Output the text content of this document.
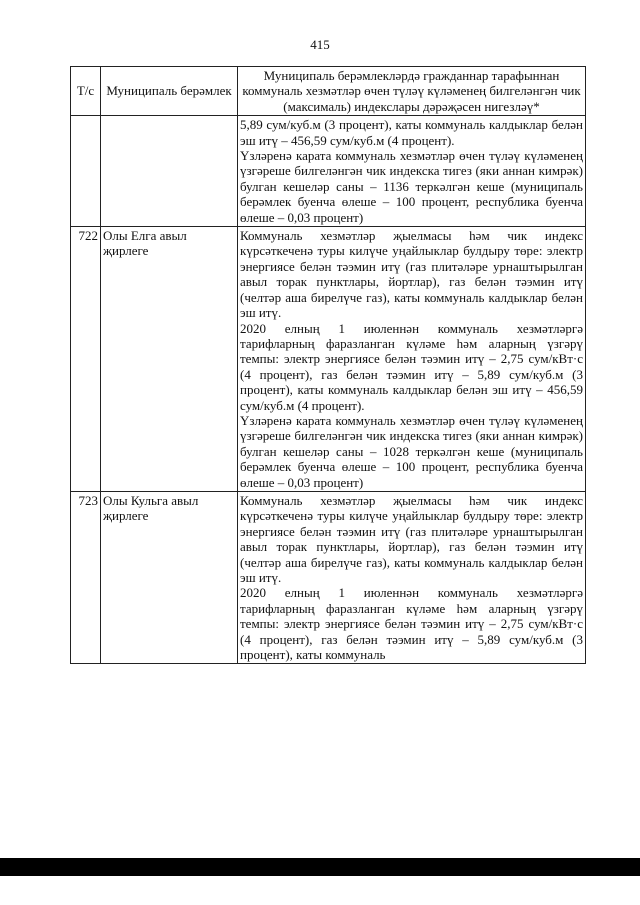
415
Т/с	Муниципаль берәмлек	Муниципаль берәмлекләрдә гражданнар тарафыннан коммуналь хезмәтләр өчен түләү күләменең билгеләнгән чик (максималь) индекслары дәрәҗәсен нигезләү*

		5,89 сум/куб.м (3 процент), каты коммуналь калдыклар белән эш итү – 456,59 сум/куб.м (4 процент).

Үзләренә карата коммуналь хезмәтләр өчен түләү күләменең үзгәреше билгеләнгән чик индекска тигез (яки аннан кимрәк) булган кешеләр саны – 1136 теркәлгән кеше (муниципаль берәмлек буенча өлеше – 100 процент, республика буенча өлеше – 0,03 процент)

722	Олы Елга авыл җирлеге	Коммуналь хезмәтләр җыелмасы һәм чик индекс күрсәткеченә туры килүче уңайлыклар булдыру төре: электр энергиясе белән тәэмин итү (газ плитәләре урнаштырылган авыл торак пунктлары, йортлар), газ белән тәэмин итү (челтәр аша бирелүче газ), каты коммуналь калдыклар белән эш итү.

2020 елның 1 июленнән коммуналь хезмәтләргә тарифларның фаразланган күләме һәм аларның үзгәрү темпы: электр энергиясе белән тәэмин итү – 2,75 сум/кВт·с (4 процент), газ белән тәэмин итү – 5,89 сум/куб.м (3 процент), каты коммуналь калдыклар белән эш итү – 456,59 сум/куб.м (4 процент).

Үзләренә карата коммуналь хезмәтләр өчен түләү күләменең үзгәреше билгеләнгән чик индекска тигез (яки аннан кимрәк) булган кешеләр саны – 1028 теркәлгән кеше (муниципаль берәмлек буенча өлеше – 100 процент, республика буенча өлеше – 0,03 процент)

723	Олы Кульга авыл җирлеге	Коммуналь хезмәтләр җыелмасы һәм чик индекс күрсәткеченә туры килүче уңайлыклар булдыру төре: электр энергиясе белән тәэмин итү (газ плитәләре урнаштырылган авыл торак пунктлары, йортлар), газ белән тәэмин итү (челтәр аша бирелүче газ), каты коммуналь калдыклар белән эш итү.

2020 елның 1 июленнән коммуналь хезмәтләргә тарифларның фаразланган күләме һәм аларның үзгәрү темпы: электр энергиясе белән тәэмин итү – 2,75 сум/кВт·с (4 процент), газ белән тәэмин итү – 5,89 сум/куб.м (3 процент), каты коммуналь
